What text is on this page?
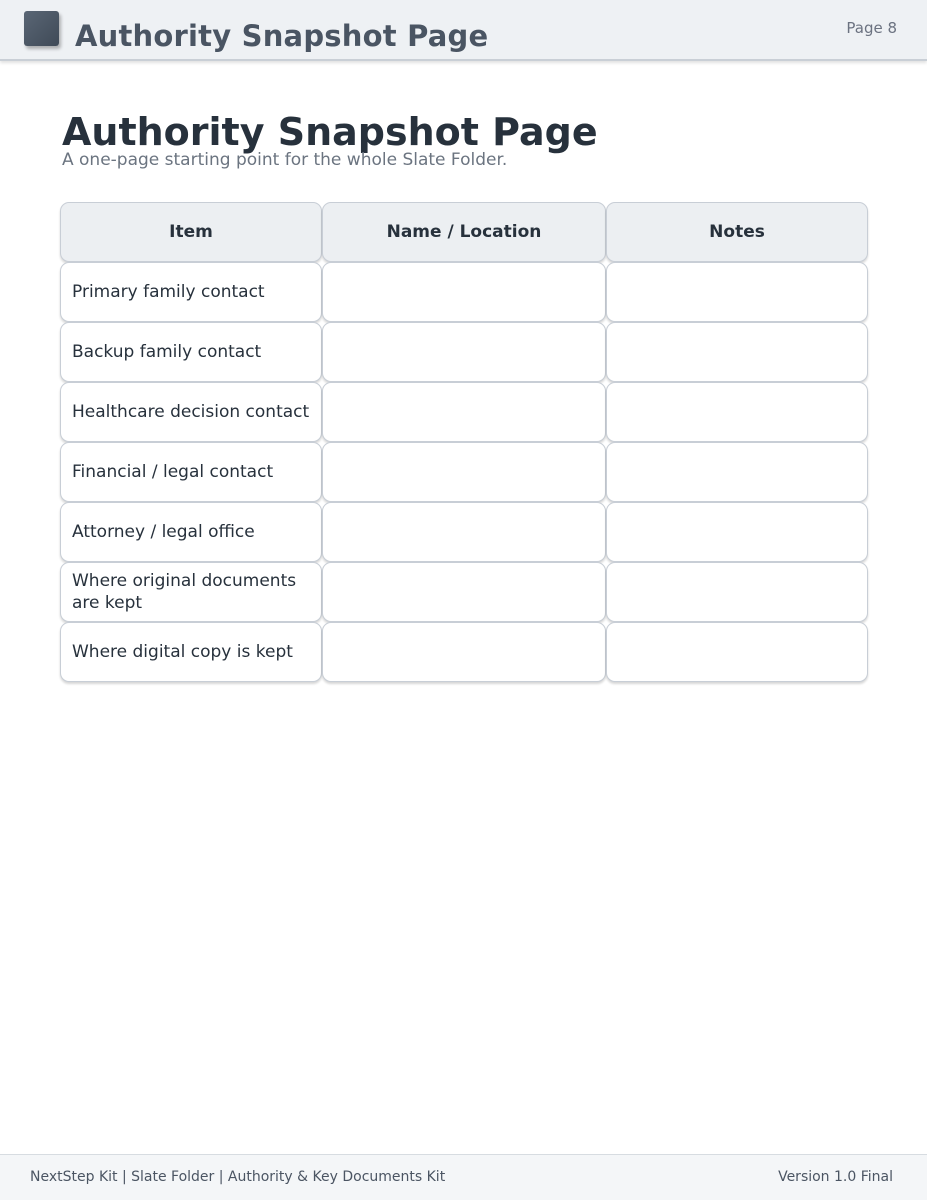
Authority Snapshot Page	Page 8
Authority Snapshot Page
A one-page starting point for the whole Slate Folder.
Item	Name / Location	Notes
Primary family contact
Backup family contact
Healthcare decision contact
Financial / legal contact
Attorney / legal office
Where original documents are kept
Where digital copy is kept
NextStep Kit | Slate Folder | Authority & Key Documents Kit	Version 1.0 Final
